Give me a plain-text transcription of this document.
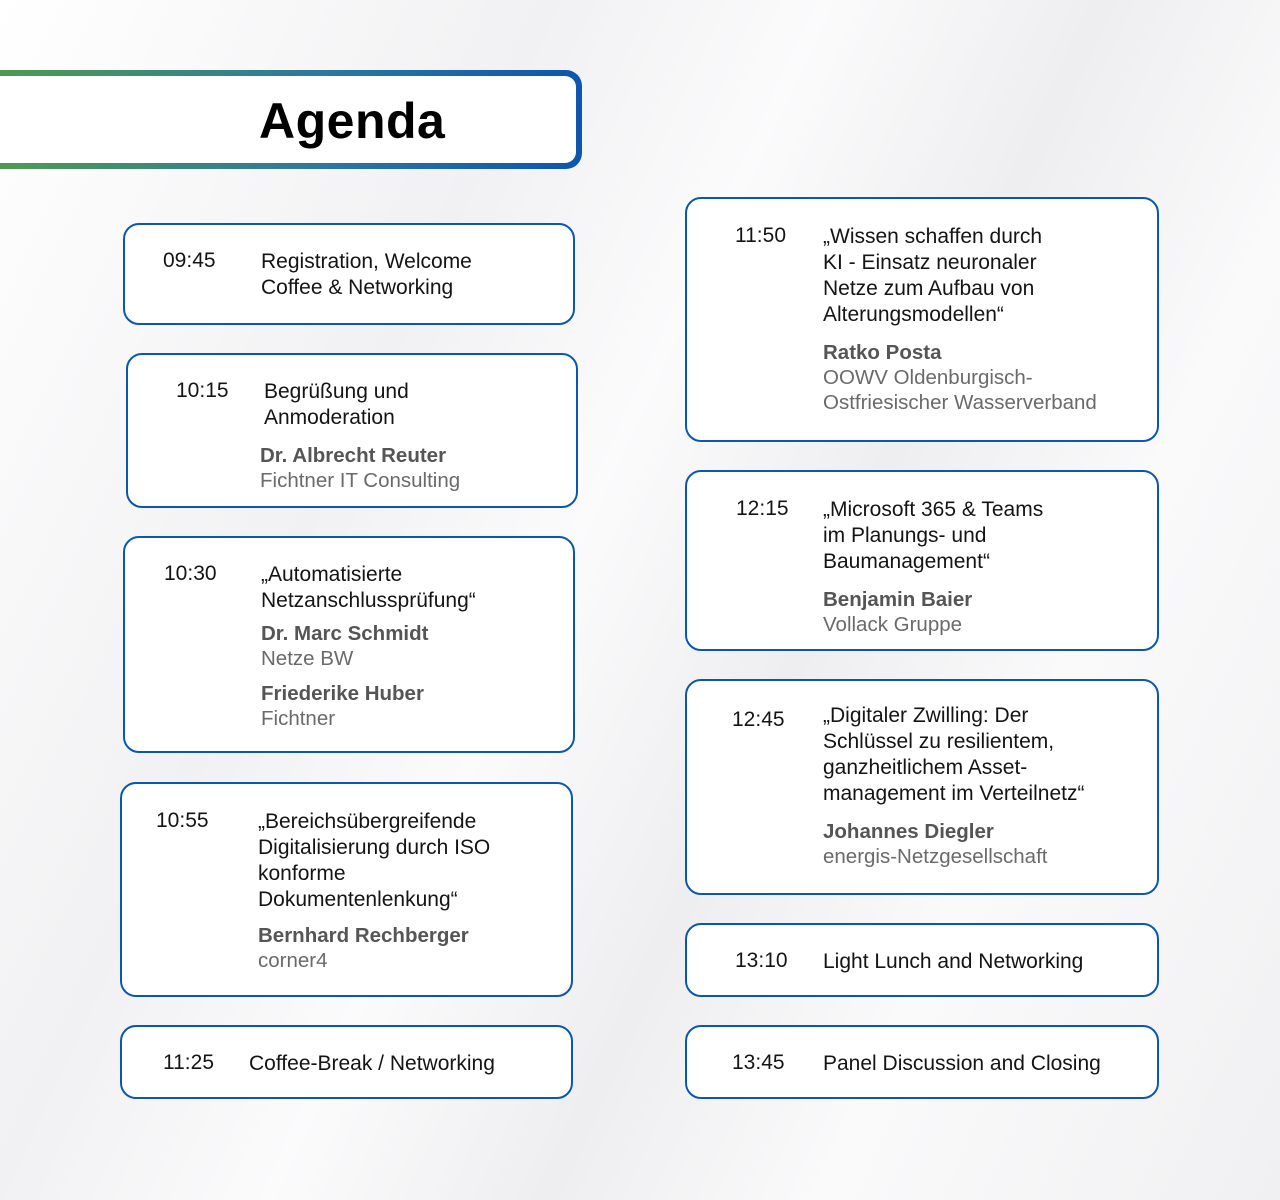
Agenda
09:45 Registration, Welcome
Coffee & Networking

10:15 Begrüßung und
Anmoderation

Dr. Albrecht Reuter
Fichtner IT Consulting
10:30 „Automatisierte
Netzanschlussprüfung“

Dr. Marc Schmidt
Netze BW
Friederike Huber
Fichtner
10:55 „Bereichsübergreifende
Digitalisierung durch ISO
konforme
Dokumentenlenkung“

Bernhard Rechberger
corner4
11:25 Coffee-Break / Networking

11:50 „Wissen schaffen durch
KI - Einsatz neuronaler
Netze zum Aufbau von
Alterungsmodellen“

Ratko Posta
OOWV Oldenburgisch-
Ostfriesischer Wasserverband
12:15 „Microsoft 365 & Teams
im Planungs- und
Baumanagement“

Benjamin Baier
Vollack Gruppe
12:45 „Digitaler Zwilling: Der
Schlüssel zu resilientem,
ganzheitlichem Asset-
management im Verteilnetz“

Johannes Diegler
energis-Netzgesellschaft
13:10 Light Lunch and Networking

13:45 Panel Discussion and Closing
